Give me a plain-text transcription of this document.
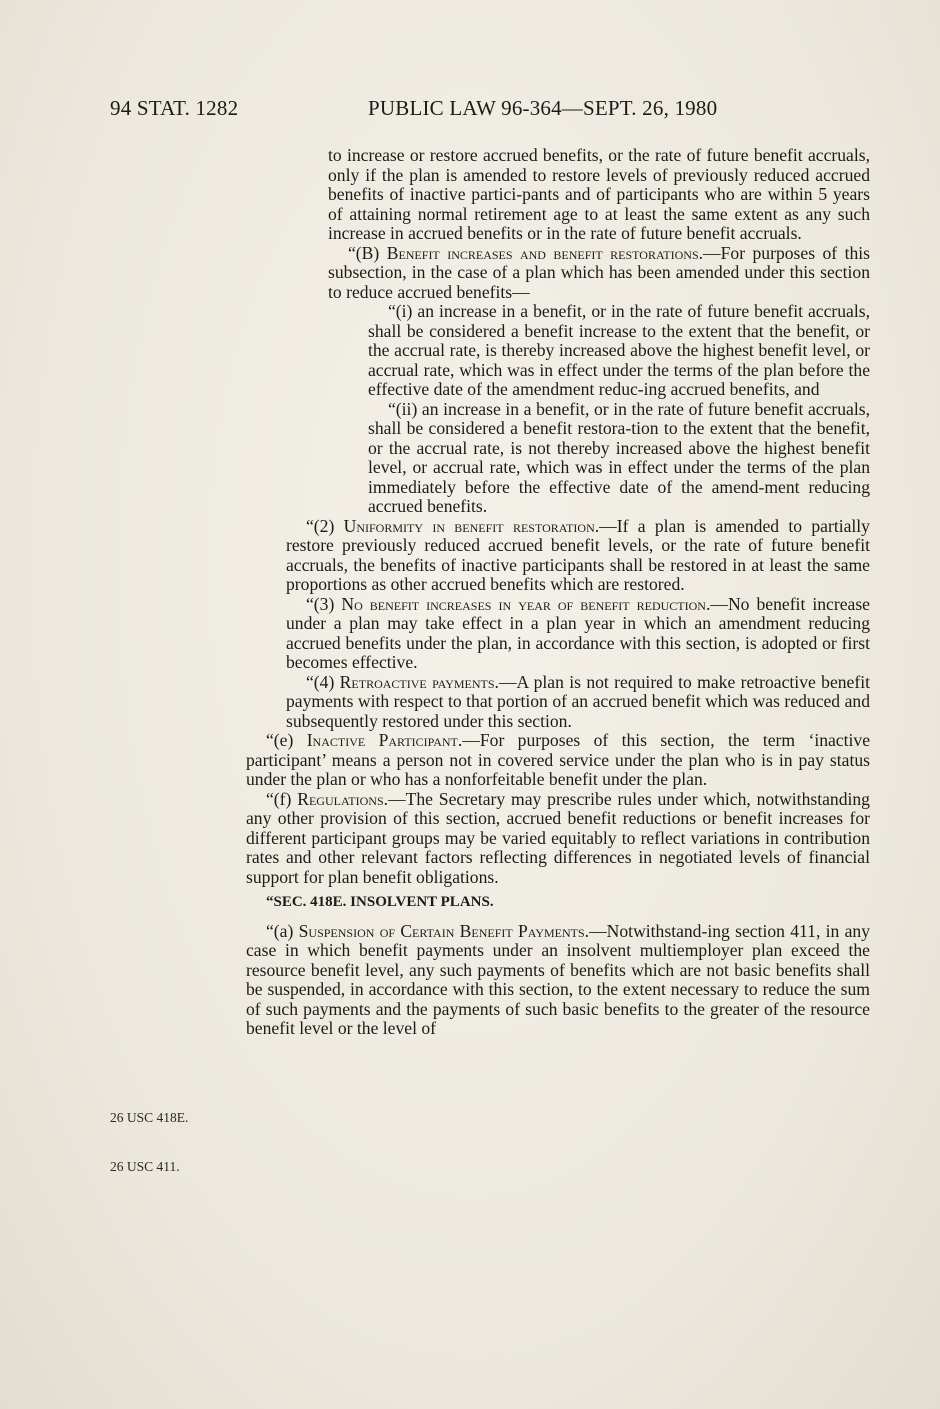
94 STAT. 1282	PUBLIC LAW 96-364—SEPT. 26, 1980
26 USC 418E.
26 USC 411.

to increase or restore accrued benefits, or the rate of future benefit accruals, only if the plan is amended to restore levels of previously reduced accrued benefits of inactive partici-pants and of participants who are within 5 years of attaining normal retirement age to at least the same extent as any such increase in accrued benefits or in the rate of future benefit accruals.

“(B) Benefit increases and benefit restorations.—For purposes of this subsection, in the case of a plan which has been amended under this section to reduce accrued benefits—

“(i) an increase in a benefit, or in the rate of future benefit accruals, shall be considered a benefit increase to the extent that the benefit, or the accrual rate, is thereby increased above the highest benefit level, or accrual rate, which was in effect under the terms of the plan before the effective date of the amendment reduc-ing accrued benefits, and

“(ii) an increase in a benefit, or in the rate of future benefit accruals, shall be considered a benefit restora-tion to the extent that the benefit, or the accrual rate, is not thereby increased above the highest benefit level, or accrual rate, which was in effect under the terms of the plan immediately before the effective date of the amend-ment reducing accrued benefits.

“(2) Uniformity in benefit restoration.—If a plan is amended to partially restore previously reduced accrued benefit levels, or the rate of future benefit accruals, the benefits of inactive participants shall be restored in at least the same proportions as other accrued benefits which are restored.

“(3) No benefit increases in year of benefit reduction.—No benefit increase under a plan may take effect in a plan year in which an amendment reducing accrued benefits under the plan, in accordance with this section, is adopted or first becomes effective.

“(4) Retroactive payments.—A plan is not required to make retroactive benefit payments with respect to that portion of an accrued benefit which was reduced and subsequently restored under this section.

“(e) Inactive Participant.—For purposes of this section, the term ‘inactive participant’ means a person not in covered service under the plan who is in pay status under the plan or who has a nonforfeitable benefit under the plan.

“(f) Regulations.—The Secretary may prescribe rules under which, notwithstanding any other provision of this section, accrued benefit reductions or benefit increases for different participant groups may be varied equitably to reflect variations in contribution rates and other relevant factors reflecting differences in negotiated levels of financial support for plan benefit obligations.

“SEC. 418E. INSOLVENT PLANS.

“(a) Suspension of Certain Benefit Payments.—Notwithstand-ing section 411, in any case in which benefit payments under an insolvent multiemployer plan exceed the resource benefit level, any such payments of benefits which are not basic benefits shall be suspended, in accordance with this section, to the extent necessary to reduce the sum of such payments and the payments of such basic benefits to the greater of the resource benefit level or the level of
